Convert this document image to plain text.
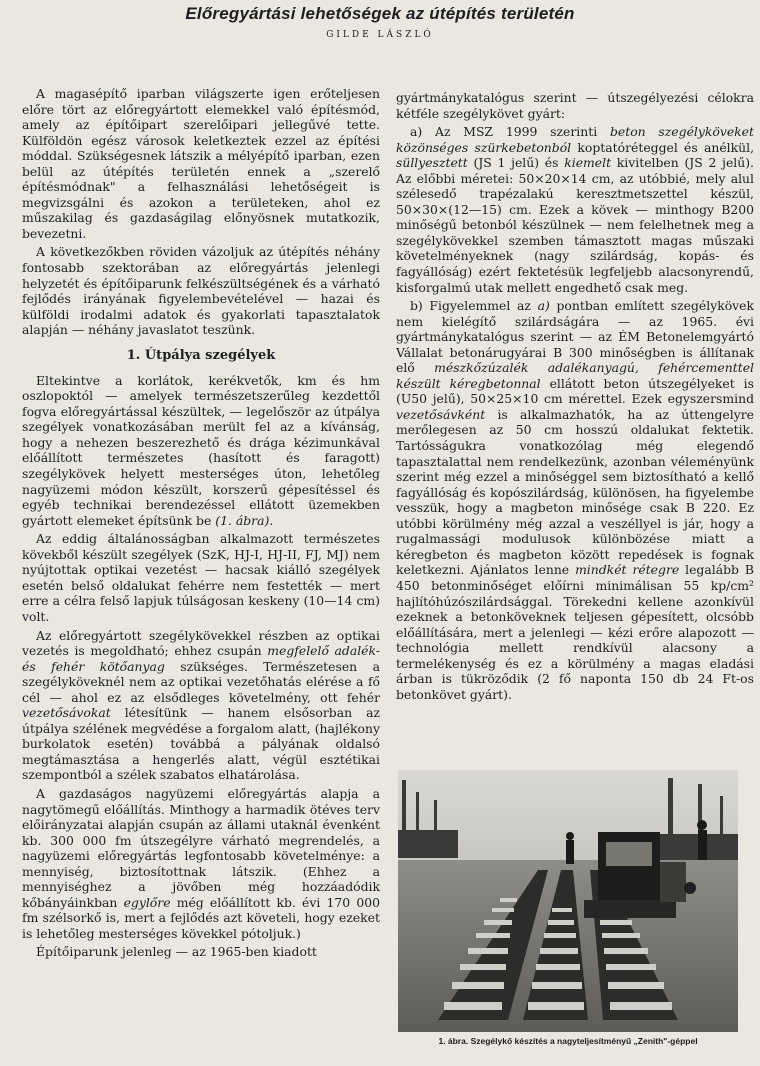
Előregyártási lehetőségek az útépítés területén
GILDE LÁSZLÓ

A magasépítő iparban világszerte igen erőteljesen előre tört az előregyártott elemekkel való építésmód, amely az építőipart szerelőipari jellegűvé tette. Külföldön egész városok keletkeztek ezzel az építési móddal. Szükségesnek látszik a mélyépítő iparban, ezen belül az útépítés területén ennek a „szerelő építésmódnak" a felhasználási lehetőségeit is megvizsgálni és azokon a területeken, ahol ez műszakilag és gazdaságilag előnyösnek mutatkozik, bevezetni.

A következőkben röviden vázoljuk az útépítés néhány fontosabb szektorában az előregyártás jelenlegi helyzetét és építőiparunk felkészültségének és a várható fejlődés irányának figyelembevételével — hazai és külföldi irodalmi adatok és gyakorlati tapasztalatok alapján — néhány javaslatot teszünk.

1. Útpálya szegélyek

Eltekintve a korlátok, kerékvetők, km és hm oszlopoktól — amelyek természetszerűleg kezdettől fogva előregyártással készültek, — legelőször az útpálya szegélyek vonatkozásában merült fel az a kívánság, hogy a nehezen beszerezhető és drága kézimunkával előállított természetes (hasított és faragott) szegélykövek helyett mesterséges úton, lehetőleg nagyüzemi módon készült, korszerű gépesítéssel és egyéb technikai berendezéssel ellátott üzemekben gyártott elemeket építsünk be (1. ábra).

Az eddig általánosságban alkalmazott természetes kövekből készült szegélyek (SzK, HJ-I, HJ-II, FJ, MJ) nem nyújtottak optikai vezetést — hacsak kiálló szegélyek esetén belső oldalukat fehérre nem festették — mert erre a célra felső lapjuk túlságosan keskeny (10—14 cm) volt.

Az előregyártott szegélykövekkel részben az optikai vezetés is megoldható; ehhez csupán megfelelő adalék- és fehér kötőanyag szükséges. Természetesen a szegélyköveknél nem az optikai vezetőhatás elérése a fő cél — ahol ez az elsődleges követelmény, ott fehér vezetősávokat létesítünk — hanem elsősorban az útpálya szélének megvédése a forgalom alatt, (hajlékony burkolatok esetén) továbbá a pályának oldalsó megtámasztása a hengerlés alatt, végül esztétikai szempontból a szélek szabatos elhatárolása.

A gazdaságos nagyüzemi előregyártás alapja a nagytömegű előállítás. Minthogy a harmadik ötéves terv előirányzatai alapján csupán az állami utaknál évenként kb. 300 000 fm útszegélyre várható megrendelés, a nagyüzemi előregyártás legfontosabb követelménye: a mennyiség, biztosítottnak látszik. (Ehhez a mennyiséghez a jövőben még hozzáadódik kőbányáinkban egylőre még előállított kb. évi 170 000 fm szélsorkő is, mert a fejlődés azt követeli, hogy ezeket is lehetőleg mesterséges kövekkel pótoljuk.)

Építőiparunk jelenleg — az 1965-ben kiadott

gyártmánykatalógus szerint — útszegélyezési célokra kétféle szegélykövet gyárt:

a) Az MSZ 1999 szerinti beton szegélyköveket közönséges szürkebetonból koptatóréteggel és anélkül, süllyesztett (JS 1 jelű) és kiemelt kivitelben (JS 2 jelű). Az előbbi méretei: 50×20×14 cm, az utóbbié, mely alul szélesedő trapézalakú keresztmetszettel készül, 50×30×(12—15) cm. Ezek a kövek — minthogy B200 minőségű betonból készülnek — nem felelhetnek meg a szegélykövekkel szemben támasztott magas műszaki követelményeknek (nagy szilárdság, kopás- és fagyállóság) ezért fektetésük legfeljebb alacsonyrendű, kisforgalmú utak mellett engedhető csak meg.

b) Figyelemmel az a) pontban említett szegélykövek nem kielégítő szilárdságára — az 1965. évi gyártmánykatalógus szerint — az ÉM Betonelemgyártó Vállalat betonárugyárai B 300 minőségben is állítanak elő mészkőzúzalék adalékanyagú, fehércementtel készült kéregbetonnal ellátott beton útszegélyeket is (U50 jelű), 50×25×10 cm mérettel. Ezek egyszersmind vezetősávként is alkalmazhatók, ha az úttengelyre merőlegesen az 50 cm hosszú oldalukat fektetik. Tartósságukra vonatkozólag még elegendő tapasztalattal nem rendelkezünk, azonban véleményünk szerint még ezzel a minőséggel sem biztosítható a kellő fagyállóság és kopószilárdság, különösen, ha figyelembe vesszük, hogy a magbeton minősége csak B 220. Ez utóbbi körülmény még azzal a veszéllyel is jár, hogy a rugalmassági modulusok különbözése miatt a kéregbeton és magbeton között repedések is fognak keletkezni. Ajánlatos lenne mindkét rétegre legalább B 450 betonminőséget előírni minimálisan 55 kp/cm² hajlítóhúzószilárdsággal. Törekedni kellene azonkívül ezeknek a betonköveknek teljesen gépesített, olcsóbb előállítására, mert a jelenlegi — kézi erőre alapozott — technológia mellett rendkívül alacsony a termelékenység és ez a körülmény a magas eladási árban is tükröződik (2 fő naponta 150 db 24 Ft-os betonkövet gyárt).

1. ábra. Szegélykő készítés a nagyteljesítményű „Zenith"-géppel
